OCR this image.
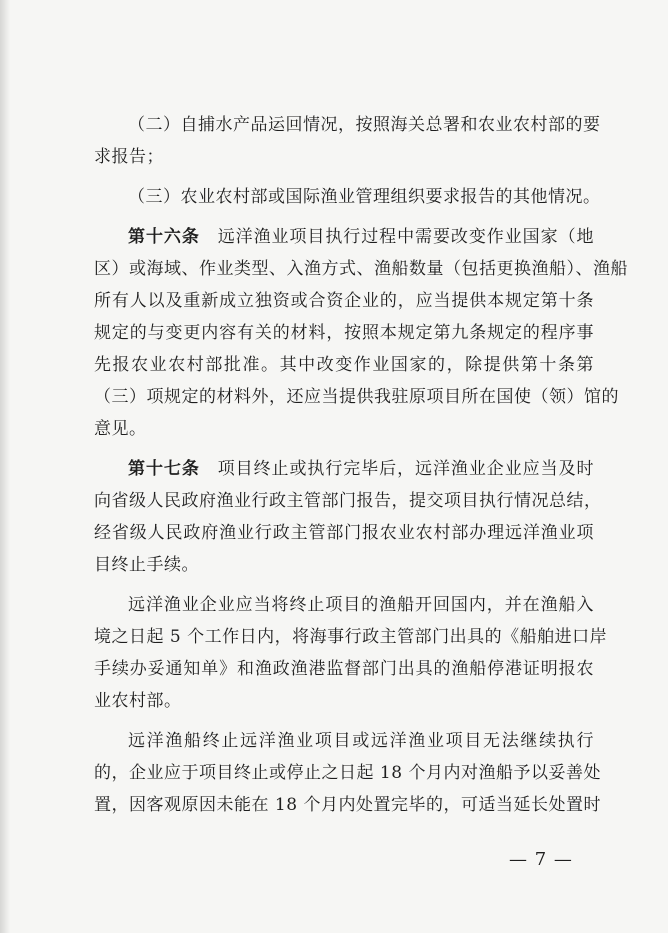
（二）自捕水产品运回情况，按照海关总署和农业农村部的要
求报告；
（三）农业农村部或国际渔业管理组织要求报告的其他情况。
第十六条　远洋渔业项目执行过程中需要改变作业国家（地
区）或海域、作业类型、入渔方式、渔船数量（包括更换渔船）、渔船
所有人以及重新成立独资或合资企业的，应当提供本规定第十条
规定的与变更内容有关的材料，按照本规定第九条规定的程序事
先报农业农村部批准。其中改变作业国家的，除提供第十条第
（三）项规定的材料外，还应当提供我驻原项目所在国使（领）馆的
意见。
第十七条　项目终止或执行完毕后，远洋渔业企业应当及时
向省级人民政府渔业行政主管部门报告，提交项目执行情况总结，
经省级人民政府渔业行政主管部门报农业农村部办理远洋渔业项
目终止手续。
远洋渔业企业应当将终止项目的渔船开回国内，并在渔船入
境之日起 5 个工作日内，将海事行政主管部门出具的《船舶进口岸
手续办妥通知单》和渔政渔港监督部门出具的渔船停港证明报农
业农村部。
远洋渔船终止远洋渔业项目或远洋渔业项目无法继续执行
的，企业应于项目终止或停止之日起 18 个月内对渔船予以妥善处
置，因客观原因未能在 18 个月内处置完毕的，可适当延长处置时
— 7 —
